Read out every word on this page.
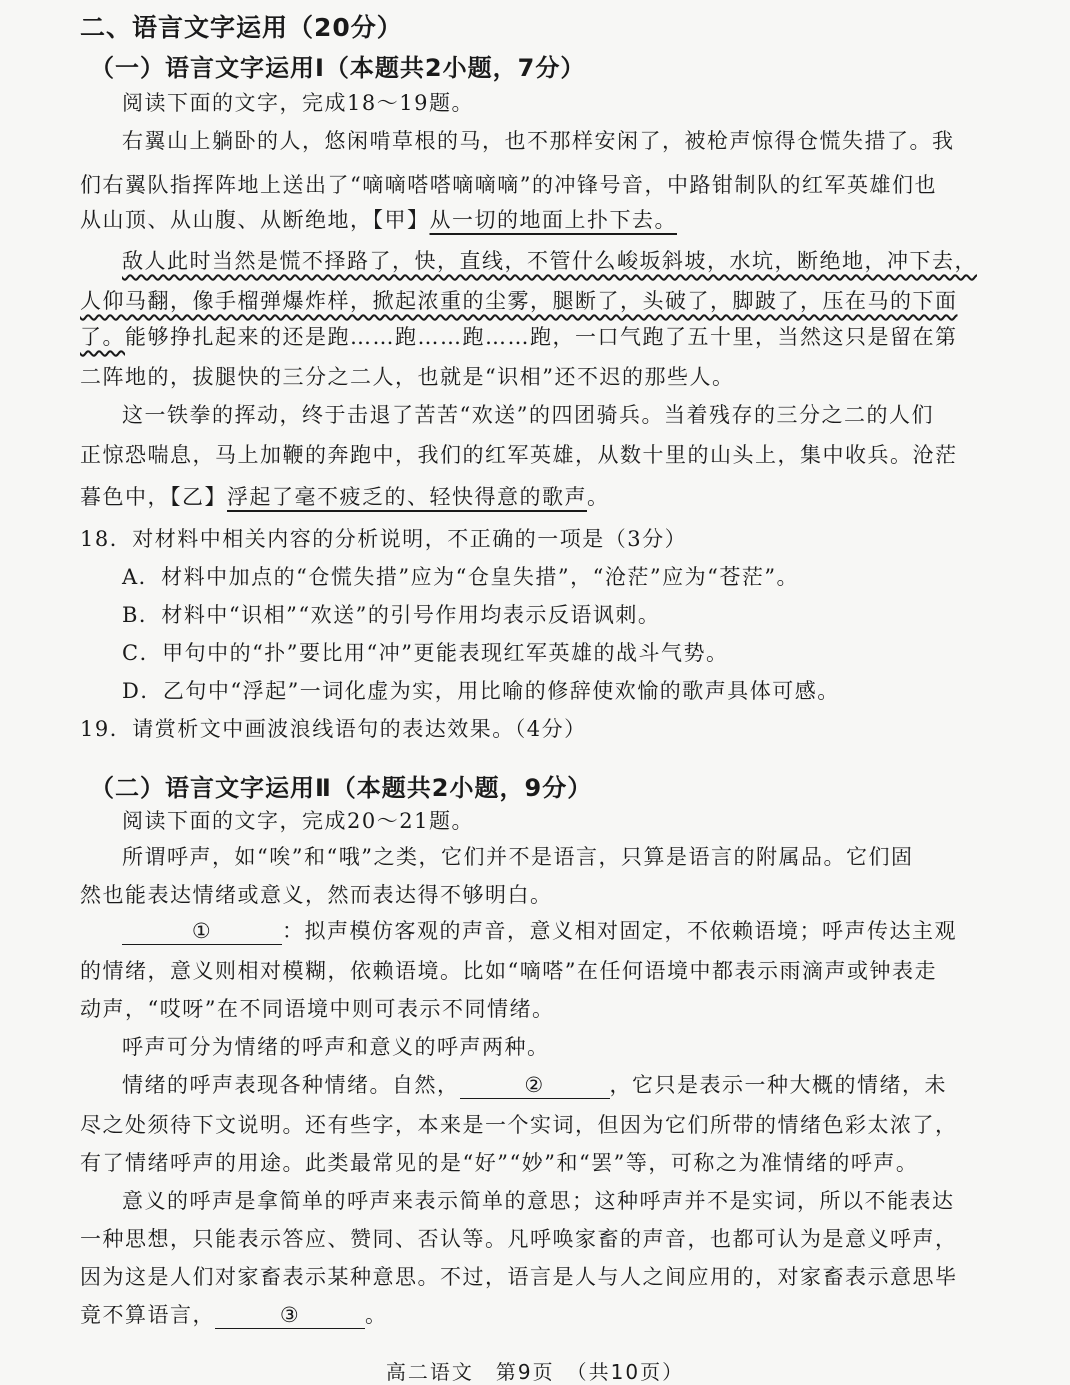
二、语言文字运用（20分）
（一）语言文字运用Ⅰ（本题共2小题，7分）
阅读下面的文字，完成18～19题。
右翼山上躺卧的人，悠闲啃草根的马，也不那样安闲了，被枪声惊得仓慌失措了。我
们右翼队指挥阵地上送出了“嘀嘀嗒嗒嘀嘀嘀”的冲锋号音，中路钳制队的红军英雄们也
从山顶、从山腹、从断绝地，【甲】从一切的地面上扑下去。
敌人此时当然是慌不择路了，快，直线，不管什么峻坂斜坡，水坑，断绝地，冲下去，
人仰马翻，像手榴弹爆炸样，掀起浓重的尘雾，腿断了，头破了，脚跛了，压在马的下面
了。能够挣扎起来的还是跑……跑……跑……跑，一口气跑了五十里，当然这只是留在第
二阵地的，拔腿快的三分之二人，也就是“识相”还不迟的那些人。
这一铁拳的挥动，终于击退了苦苦“欢送”的四团骑兵。当着残存的三分之二的人们
正惊恐喘息，马上加鞭的奔跑中，我们的红军英雄，从数十里的山头上，集中收兵。沧茫
暮色中，【乙】浮起了毫不疲乏的、轻快得意的歌声。
18．对材料中相关内容的分析说明，不正确的一项是（3分）
A．材料中加点的“仓慌失措”应为“仓皇失措”，“沧茫”应为“苍茫”。
B．材料中“识相”“欢送”的引号作用均表示反语讽刺。
C．甲句中的“扑”要比用“冲”更能表现红军英雄的战斗气势。
D．乙句中“浮起”一词化虚为实，用比喻的修辞使欢愉的歌声具体可感。
19．请赏析文中画波浪线语句的表达效果。（4分）
（二）语言文字运用Ⅱ（本题共2小题，9分）
阅读下面的文字，完成20～21题。
所谓呼声，如“唉”和“哦”之类，它们并不是语言，只算是语言的附属品。它们固
然也能表达情绪或意义，然而表达得不够明白。
①	：拟声模仿客观的声音，意义相对固定，不依赖语境；呼声传达主观
的情绪，意义则相对模糊，依赖语境。比如“嘀嗒”在任何语境中都表示雨滴声或钟表走
动声，“哎呀”在不同语境中则可表示不同情绪。
呼声可分为情绪的呼声和意义的呼声两种。
情绪的呼声表现各种情绪。自然，	②	，它只是表示一种大概的情绪，未
尽之处须待下文说明。还有些字，本来是一个实词，但因为它们所带的情绪色彩太浓了，
有了情绪呼声的用途。此类最常见的是“好”“妙”和“罢”等，可称之为准情绪的呼声。
意义的呼声是拿简单的呼声来表示简单的意思；这种呼声并不是实词，所以不能表达
一种思想，只能表示答应、赞同、否认等。凡呼唤家畜的声音，也都可认为是意义呼声，
因为这是人们对家畜表示某种意思。不过，语言是人与人之间应用的，对家畜表示意思毕
竟不算语言，	③	。
高二语文　第9页　（共10页）
